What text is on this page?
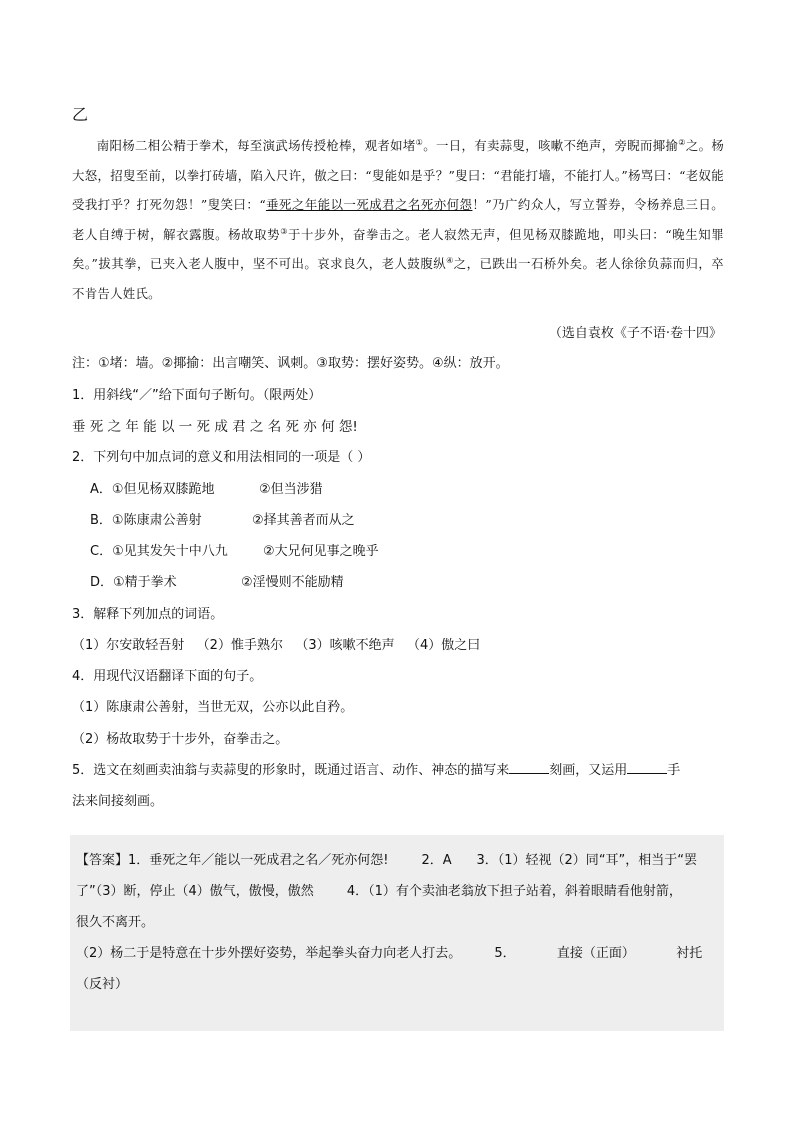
乙
南阳杨二相公精于拳术，每至演武场传授枪棒，观者如堵①。一日，有卖蒜叟，咳嗽不绝声，旁睨而揶揄②之。杨大怒，招叟至前，以拳打砖墙，陷入尺许，傲之曰：“叟能如是乎？”叟曰：“君能打墙，不能打人。”杨骂曰：“老奴能受我打乎？打死勿怨！”叟笑曰：“垂死之年能以一死成君之名死亦何怨！”乃广约众人，写立誓券，令杨养息三日。老人自缚于树，解衣露腹。杨故取势③于十步外，奋拳击之。老人寂然无声，但见杨双膝跪地，叩头曰：“晚生知罪矣。”拔其拳，已夹入老人腹中，坚不可出。哀求良久，老人鼓腹纵④之，已跌出一石桥外矣。老人徐徐负蒜而归，卒不肯告人姓氏。
（选自袁枚《子不语·卷十四》
注：①堵：墙。②揶揄：出言嘲笑、讽刺。③取势：摆好姿势。④纵：放开。
1．用斜线“／”给下面句子断句。（限两处）
垂 死 之 年 能 以 一 死 成 君 之 名 死 亦 何 怨!
2．下列句中加点词的意义和用法相同的一项是（ ）
A．①但见杨双膝跪地	②但当涉猎
B．①陈康肃公善射	②择其善者而从之
C．①见其发矢十中八九	②大兄何见事之晚乎
D．①精于拳术	②淫慢则不能励精
3．解释下列加点的词语。
（1）尔安敢轻吾射   （2）惟手熟尔   （3）咳嗽不绝声   （4）傲之曰
4．用现代汉语翻译下面的句子。
（1）陈康肃公善射，当世无双，公亦以此自矜。
（2）杨故取势于十步外，奋拳击之。
5．选文在刻画卖油翁与卖蒜叟的形象时，既通过语言、动作、神态的描写来	刻画，又运用	手
法来间接刻画。
【答案】1．垂死之年／能以一死成君之名／死亦何怨!        2．A      3．（1）轻视（2）同“耳”，相当于“罢
了”（3）断，停止（4）傲气，傲慢，傲然        4．（1）有个卖油老翁放下担子站着，斜着眼睛看他射箭，
很久不离开。
（2）杨二于是特意在十步外摆好姿势，举起拳头奋力向老人打去。        5．          直接（正面）          衬托
（反衬）
